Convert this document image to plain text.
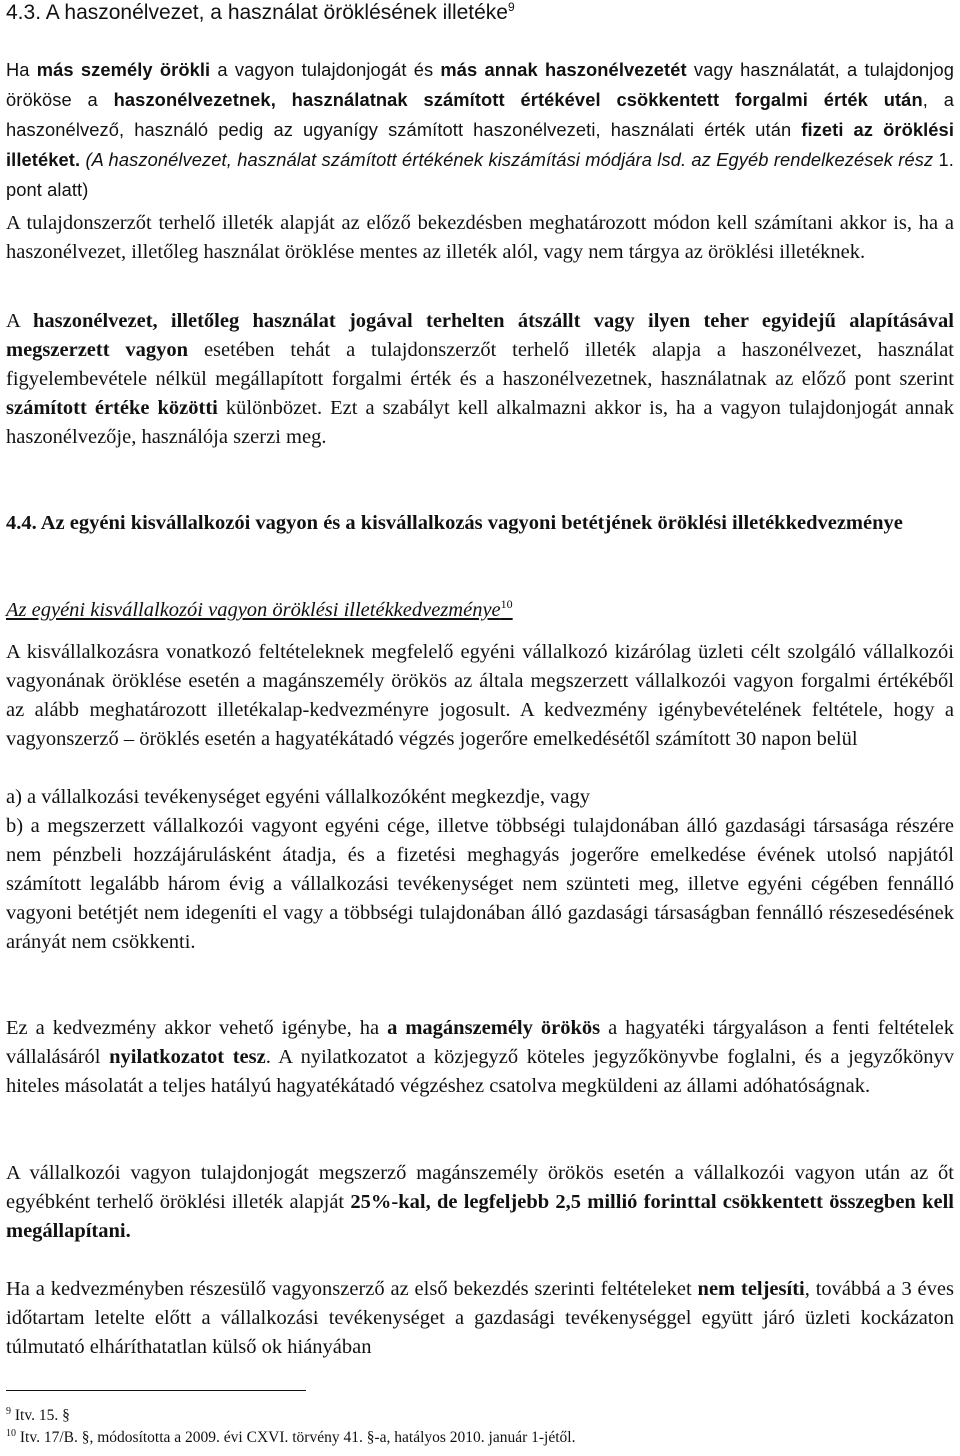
4.3. A haszonélvezet, a használat öröklésének illetéke$^9$

Ha más személy örökli a vagyon tulajdonjogát és más annak haszonélvezetét vagy használatát, a tulajdonjog örököse a haszonélvezetnek, használatnak számított értékével csökkentett forgalmi érték után, a haszonélvező, használó pedig az ugyanígy számított haszonélvezeti, használati érték után fizeti az öröklési illetéket. (A haszonélvezet, használat számított értékének kiszámítási módjára lsd. az Egyéb rendelkezések rész 1. pont alatt)

A tulajdonszerzőt terhelő illeték alapját az előző bekezdésben meghatározott módon kell számítani akkor is, ha a haszonélvezet, illetőleg használat öröklése mentes az illeték alól, vagy nem tárgya az öröklési illetéknek.

A haszonélvezet, illetőleg használat jogával terhelten átszállt vagy ilyen teher egyidejű alapításával megszerzett vagyon esetében tehát a tulajdonszerzőt terhelő illeték alapja a haszonélvezet, használat figyelembevétele nélkül megállapított forgalmi érték és a haszonélvezetnek, használatnak az előző pont szerint számított értéke közötti különbözet. Ezt a szabályt kell alkalmazni akkor is, ha a vagyon tulajdonjogát annak haszonélvezője, használója szerzi meg.

4.4. Az egyéni kisvállalkozói vagyon és a kisvállalkozás vagyoni betétjének öröklési illetékkedvezménye

Az egyéni kisvállalkozói vagyon öröklési illetékkedvezménye$^{10}$

A kisvállalkozásra vonatkozó feltételeknek megfelelő egyéni vállalkozó kizárólag üzleti célt szolgáló vállalkozói vagyonának öröklése esetén a magánszemély örökös az általa megszerzett vállalkozói vagyon forgalmi értékéből az alább meghatározott illetékalap-kedvezményre jogosult. A kedvezmény igénybevételének feltétele, hogy a vagyonszerző – öröklés esetén a hagyatékátadó végzés jogerőre emelkedésétől számított 30 napon belül

a) a vállalkozási tevékenységet egyéni vállalkozóként megkezdje, vagy

b) a megszerzett vállalkozói vagyont egyéni cége, illetve többségi tulajdonában álló gazdasági társasága részére nem pénzbeli hozzájárulásként átadja, és a fizetési meghagyás jogerőre emelkedése évének utolsó napjától számított legalább három évig a vállalkozási tevékenységet nem szünteti meg, illetve egyéni cégében fennálló vagyoni betétjét nem idegeníti el vagy a többségi tulajdonában álló gazdasági társaságban fennálló részesedésének arányát nem csökkenti.

Ez a kedvezmény akkor vehető igénybe, ha a magánszemély örökös a hagyatéki tárgyaláson a fenti feltételek vállalásáról nyilatkozatot tesz. A nyilatkozatot a közjegyző köteles jegyzőkönyvbe foglalni, és a jegyzőkönyv hiteles másolatát a teljes hatályú hagyatékátadó végzéshez csatolva megküldeni az állami adóhatóságnak.

A vállalkozói vagyon tulajdonjogát megszerző magánszemély örökös esetén a vállalkozói vagyon után az őt egyébként terhelő öröklési illeték alapját 25%-kal, de legfeljebb 2,5 millió forinttal csökkentett összegben kell megállapítani.

Ha a kedvezményben részesülő vagyonszerző az első bekezdés szerinti feltételeket nem teljesíti, továbbá a 3 éves időtartam letelte előtt a vállalkozási tevékenységet a gazdasági tevékenységgel együtt járó üzleti kockázaton túlmutató elháríthatatlan külső ok hiányában

$^9$ Itv. 15. §

$^{10}$ Itv. 17/B. §, módosította a 2009. évi CXVI. törvény 41. §-a, hatályos 2010. január 1-jétől.
